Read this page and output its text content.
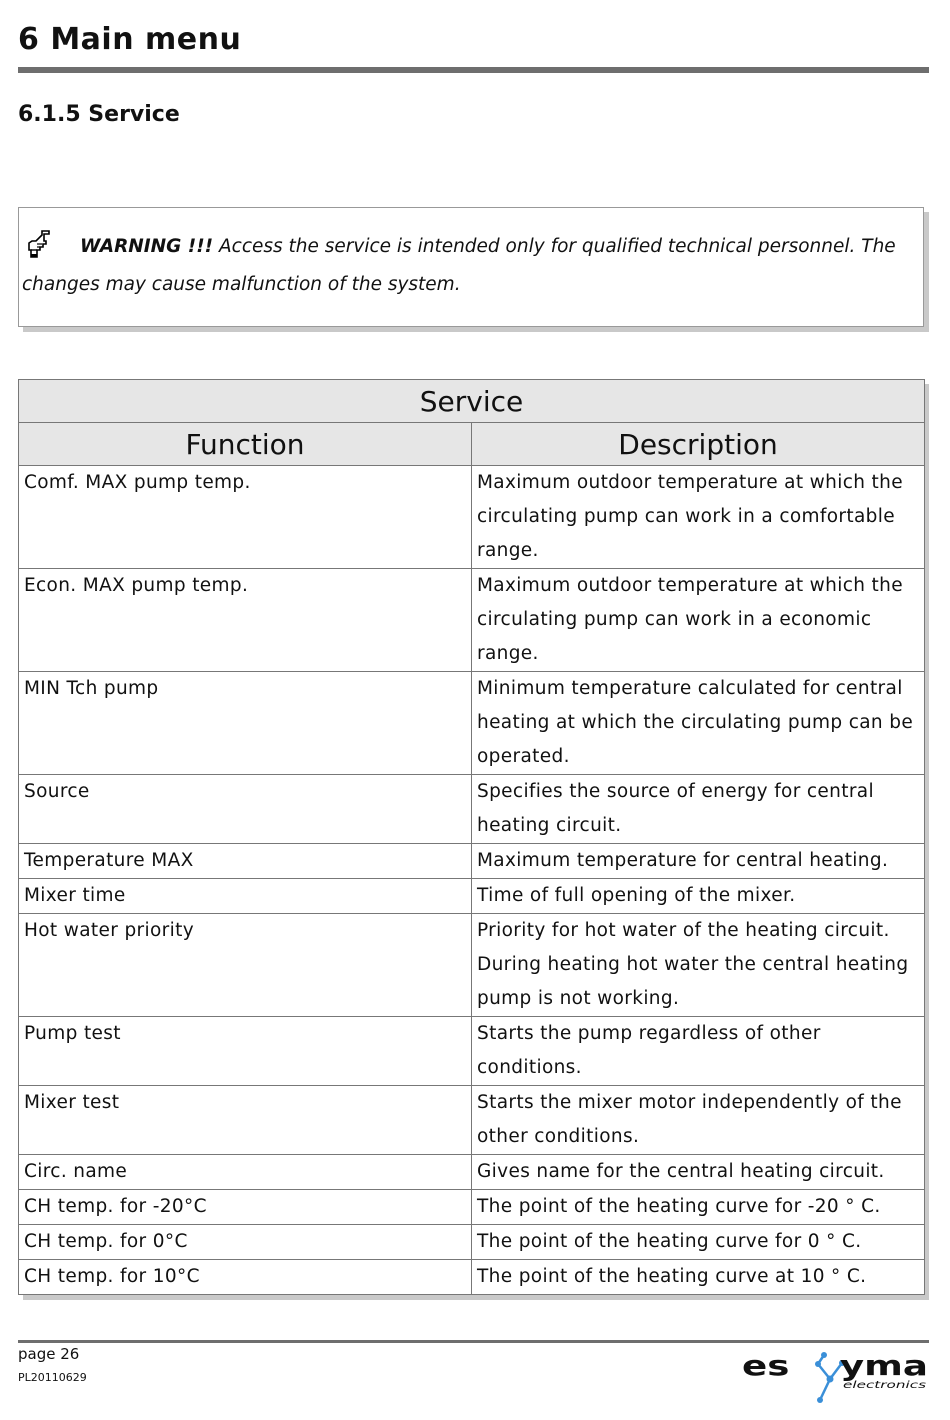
6 Main menu
6.1.5 Service
WARNING !!! Access the service is intended only for qualified technical personnel. The changes may cause malfunction of the system.
Service	
Function	Description
Comf. MAX pump temp.	Maximum outdoor temperature at which the circulating pump can work in a comfortable range.
Econ. MAX pump temp.	Maximum outdoor temperature at which the circulating pump can work in a economic range.
MIN Tch pump	Minimum temperature calculated for central heating at which the circulating pump can be operated.
Source	Specifies the source of energy for central heating circuit.
Temperature MAX	Maximum temperature for central heating.
Mixer time	Time of full opening of the mixer.
Hot water priority	Priority for hot water of the heating circuit. During heating hot water the central heating pump is not working.
Pump test	Starts the pump regardless of other conditions.
Mixer test	Starts the mixer motor independently of the other conditions.
Circ. name	Gives name for the central heating circuit.
CH temp. for -20°C	The point of the heating curve for -20 ° C.
CH temp. for 0°C	The point of the heating curve for 0 ° C.
CH temp. for 10°C	The point of the heating curve at 10 ° C.
page 26
PL20110629	es y ma
electronics
